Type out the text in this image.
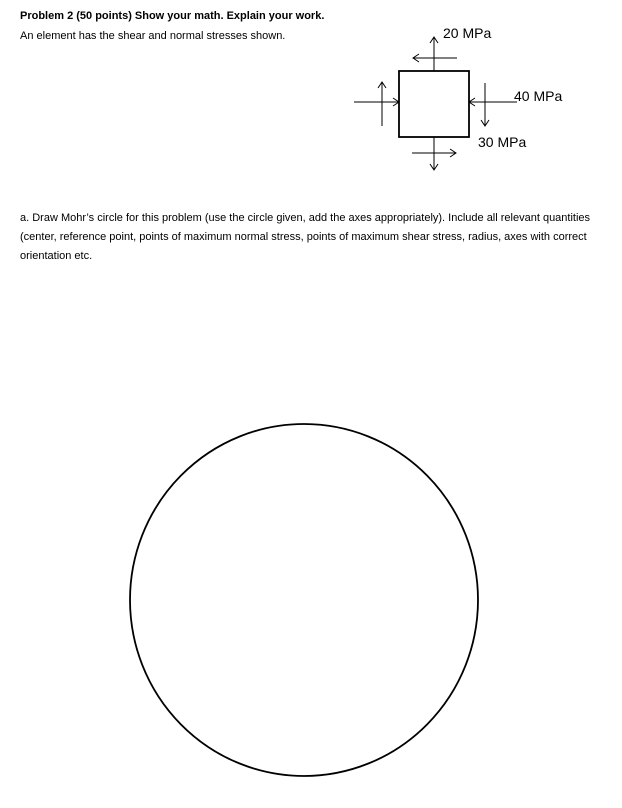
Problem 2 (50 points) Show your math. Explain your work.
An element has the shear and normal stresses shown.	20 MPa
40 MPa
30 MPa
a. Draw Mohr’s circle for this problem (use the circle given, add the axes appropriately). Include all relevant quantities (center, reference point, points of maximum normal stress, points of maximum shear stress, radius, axes with correct orientation etc.
